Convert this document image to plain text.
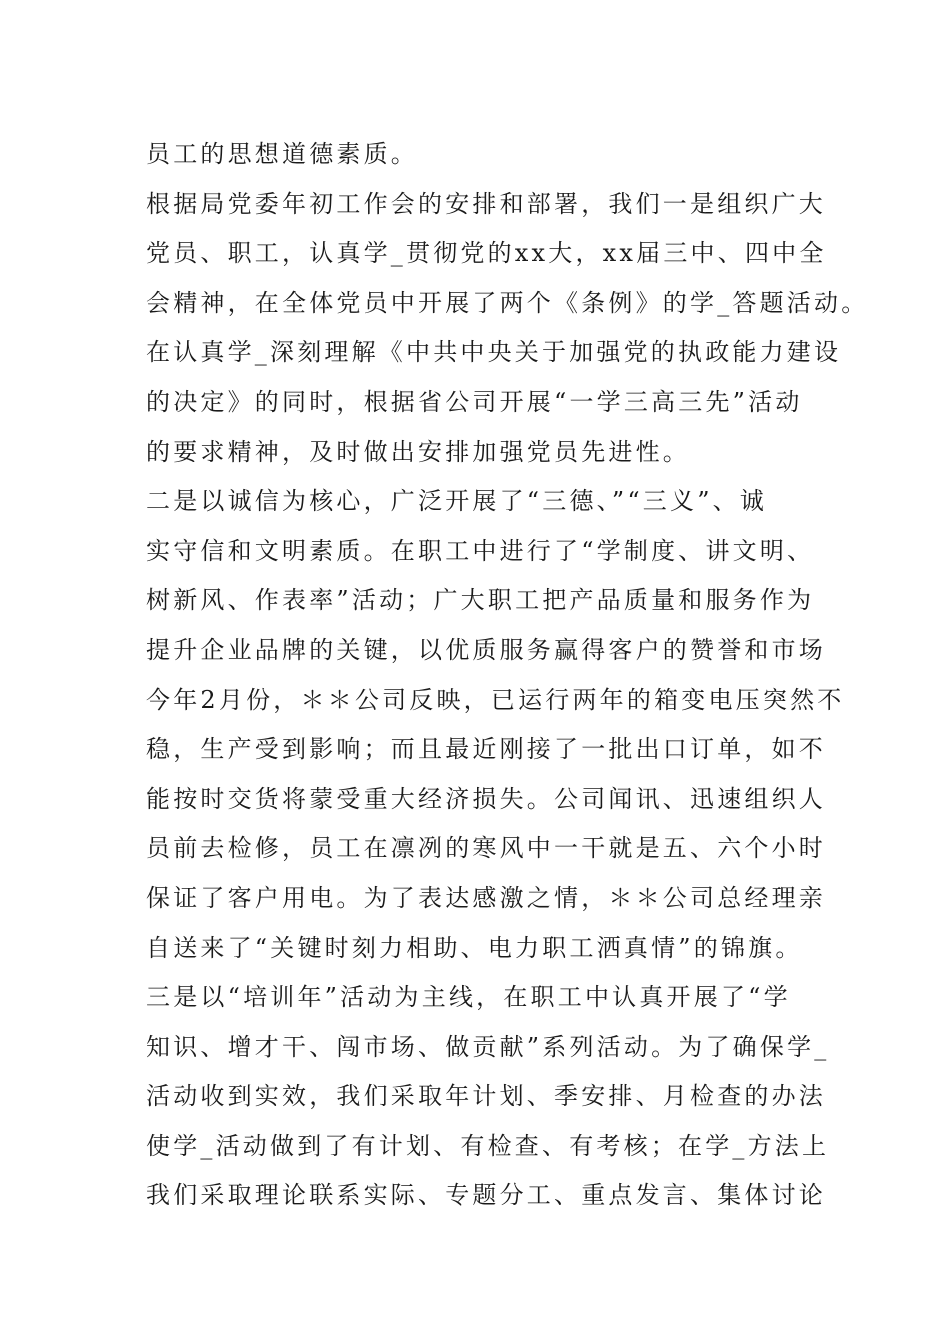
员工的思想道德素质。
根据局党委年初工作会的安排和部署，我们一是组织广大
党员、职工，认真学_贯彻党的xx大，xx届三中、四中全
会精神，在全体党员中开展了两个《条例》的学_答题活动。
在认真学_深刻理解《中共中央关于加强党的执政能力建设
的决定》的同时，根据省公司开展“一学三高三先”活动
的要求精神，及时做出安排加强党员先进性。
二是以诚信为核心，广泛开展了“三德、”“三义”、诚
实守信和文明素质。在职工中进行了“学制度、讲文明、
树新风、作表率”活动；广大职工把产品质量和服务作为
提升企业品牌的关键，以优质服务赢得客户的赞誉和市场
今年2月份，＊＊公司反映，已运行两年的箱变电压突然不
稳，生产受到影响；而且最近刚接了一批出口订单，如不
能按时交货将蒙受重大经济损失。公司闻讯、迅速组织人
员前去检修，员工在凛冽的寒风中一干就是五、六个小时
保证了客户用电。为了表达感激之情，＊＊公司总经理亲
自送来了“关键时刻力相助、电力职工洒真情”的锦旗。
三是以“培训年”活动为主线，在职工中认真开展了“学
知识、增才干、闯市场、做贡献”系列活动。为了确保学_
活动收到实效，我们采取年计划、季安排、月检查的办法
使学_活动做到了有计划、有检查、有考核；在学_方法上
我们采取理论联系实际、专题分工、重点发言、集体讨论
